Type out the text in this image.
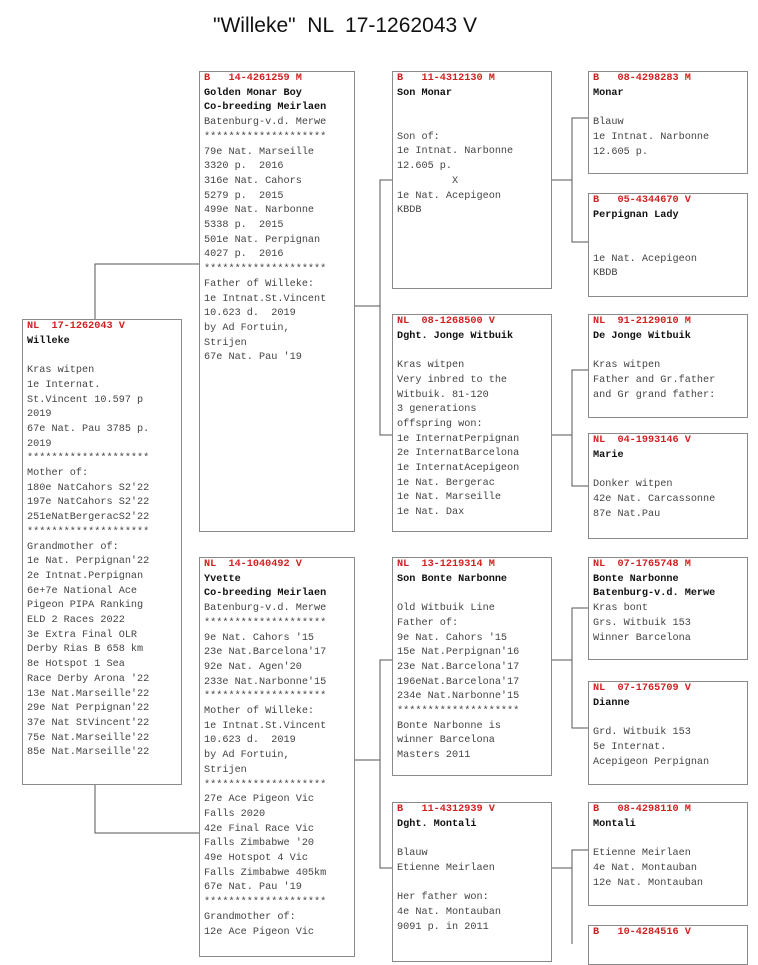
"Willeke"  NL  17-1262043 V
NL  17-1262043 V
Willeke
Kras witpen
1e Internat.
St.Vincent 10.597 p
2019
67e Nat. Pau 3785 p.
2019
********************
Mother of:
180e NatCahors S2'22
197e NatCahors S2'22
251eNatBergeracS2'22
********************
Grandmother of:
1e Nat. Perpignan'22
2e Intnat.Perpignan
6e+7e National Ace
Pigeon PIPA Ranking
ELD 2 Races 2022
3e Extra Final OLR
Derby Rias B 658 km
8e Hotspot 1 Sea
Race Derby Arona '22
13e Nat.Marseille'22
29e Nat Perpignan'22
37e Nat StVincent'22
75e Nat.Marseille'22
85e Nat.Marseille'22
B   14-4261259 M
Golden Monar Boy
Co-breeding Meirlaen
Batenburg-v.d. Merwe
********************
79e Nat. Marseille
3320 p.  2016
316e Nat. Cahors
5279 p.  2015
499e Nat. Narbonne
5338 p.  2015
501e Nat. Perpignan
4027 p.  2016
********************
Father of Willeke:
1e Intnat.St.Vincent
10.623 d.  2019
by Ad Fortuin,
Strijen
67e Nat. Pau '19
NL  14-1040492 V
Yvette
Co-breeding Meirlaen
Batenburg-v.d. Merwe
********************
9e Nat. Cahors '15
23e Nat.Barcelona'17
92e Nat. Agen'20
233e Nat.Narbonne'15
********************
Mother of Willeke:
1e Intnat.St.Vincent
10.623 d.  2019
by Ad Fortuin,
Strijen
********************
27e Ace Pigeon Vic
Falls 2020
42e Final Race Vic
Falls Zimbabwe '20
49e Hotspot 4 Vic
Falls Zimbabwe 405km
67e Nat. Pau '19
********************
Grandmother of:
12e Ace Pigeon Vic
B   11-4312130 M
Son Monar
Son of:
1e Intnat. Narbonne
12.605 p.
X
1e Nat. Acepigeon
KBDB
NL  08-1268500 V
Dght. Jonge Witbuik
Kras witpen
Very inbred to the
Witbuik. 81-120
3 generations
offspring won:
1e InternatPerpignan
2e InternatBarcelona
1e InternatAcepigeon
1e Nat. Bergerac
1e Nat. Marseille
1e Nat. Dax
NL  13-1219314 M
Son Bonte Narbonne
Old Witbuik Line
Father of:
9e Nat. Cahors '15
15e Nat.Perpignan'16
23e Nat.Barcelona'17
196eNat.Barcelona'17
234e Nat.Narbonne'15
********************
Bonte Narbonne is
winner Barcelona
Masters 2011
B   11-4312939 V
Dght. Montali
Blauw
Etienne Meirlaen
Her father won:
4e Nat. Montauban
9091 p. in 2011
B   08-4298283 M
Monar
Blauw
1e Intnat. Narbonne
12.605 p.
B   05-4344670 V
Perpignan Lady
1e Nat. Acepigeon
KBDB
NL  91-2129010 M
De Jonge Witbuik
Kras witpen
Father and Gr.father
and Gr grand father:
NL  04-1993146 V
Marie
Donker witpen
42e Nat. Carcassonne
87e Nat.Pau
NL  07-1765748 M
Bonte Narbonne
Batenburg-v.d. Merwe
Kras bont
Grs. Witbuik 153
Winner Barcelona
NL  07-1765709 V
Dianne
Grd. Witbuik 153
5e Internat.
Acepigeon Perpignan
B   08-4298110 M
Montali
Etienne Meirlaen
4e Nat. Montauban
12e Nat. Montauban
B   10-4284516 V
